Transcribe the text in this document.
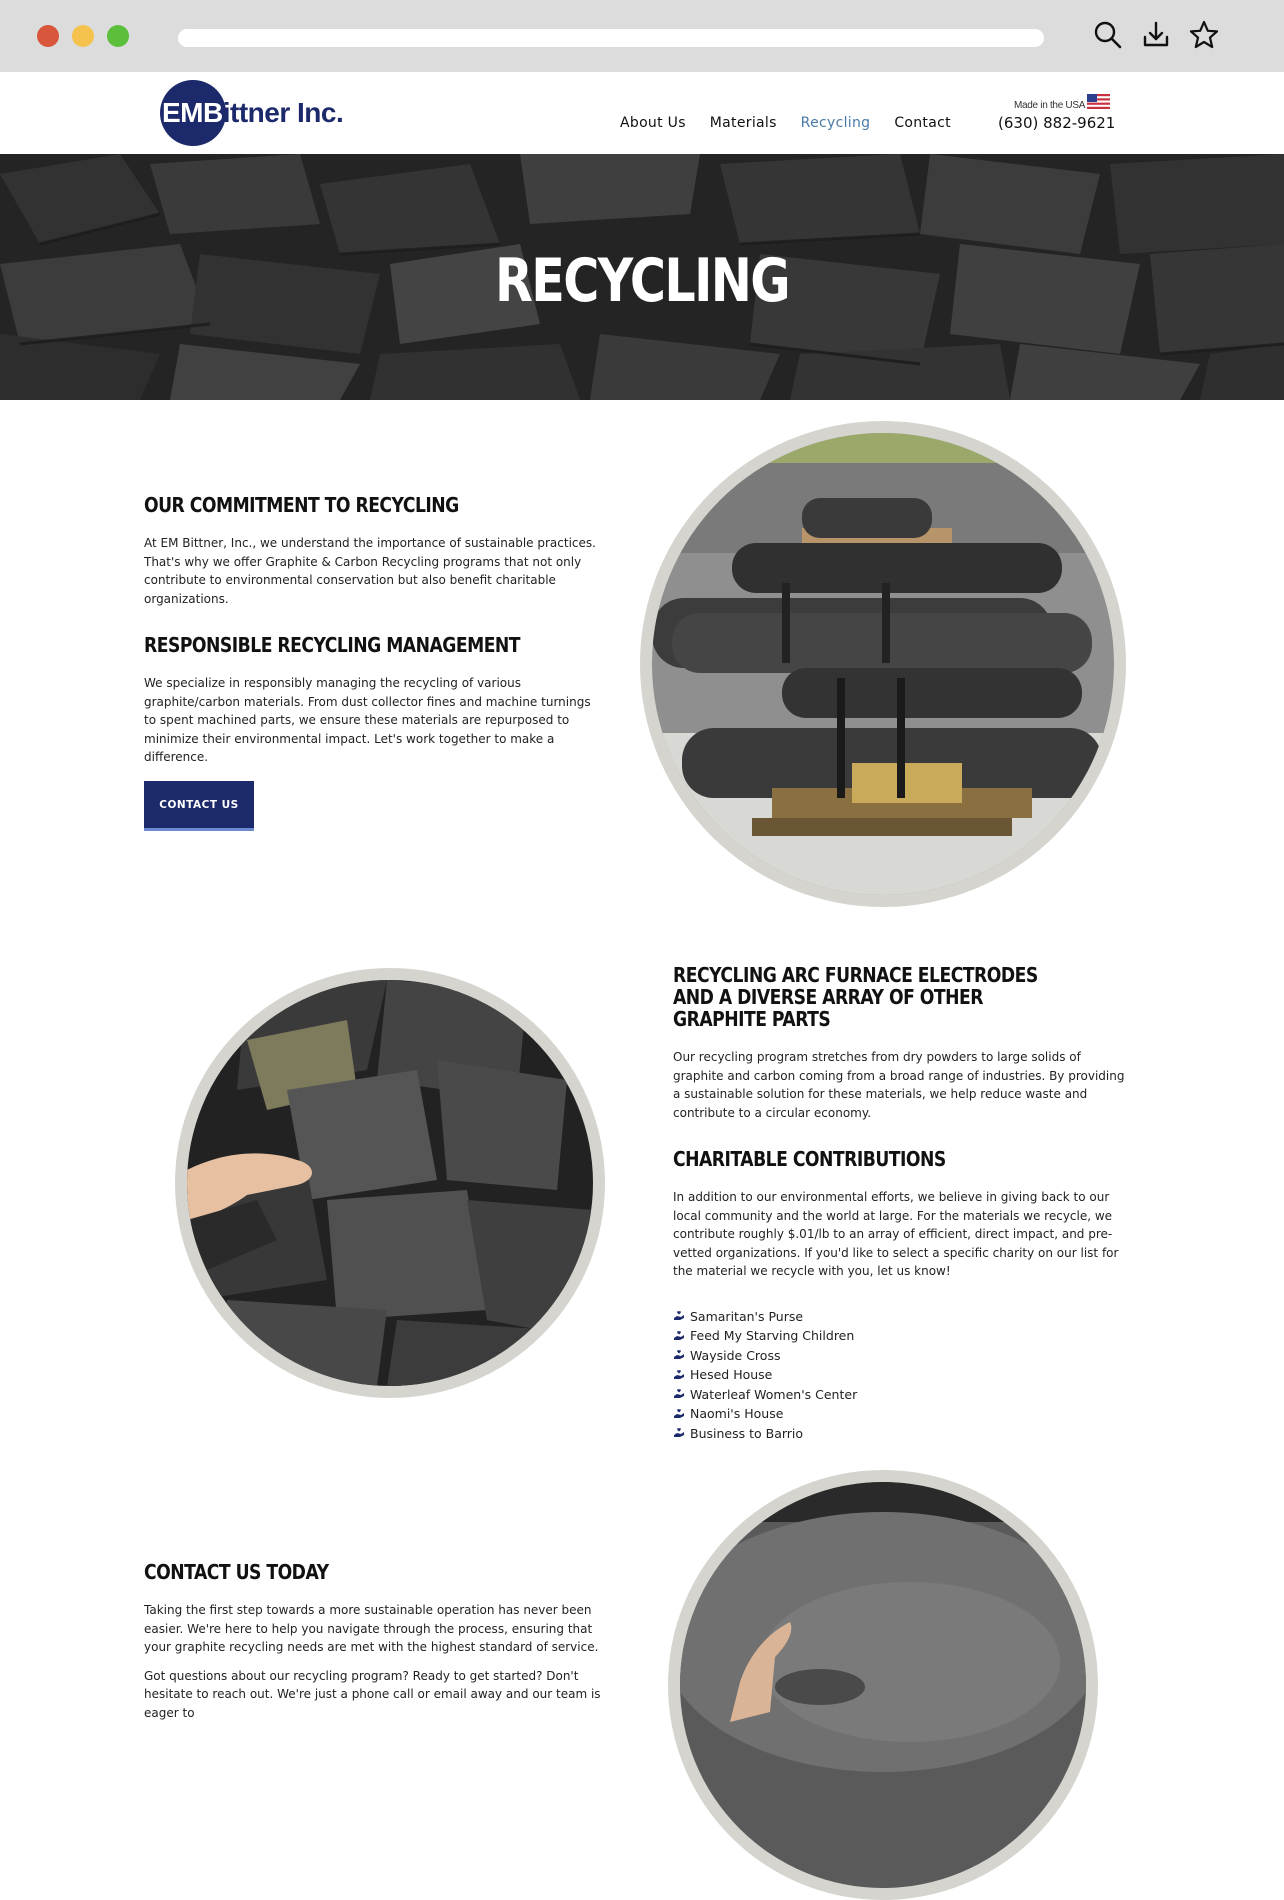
EMBittner Inc.	About Us Materials Recycling Contact
Made in the USA
(630) 882-9621
RECYCLING
OUR COMMITMENT TO RECYCLING

At EM Bittner, Inc., we understand the importance of sustainable practices. That's why we offer Graphite & Carbon Recycling programs that not only contribute to environmental conservation but also benefit charitable organizations.

RESPONSIBLE RECYCLING MANAGEMENT

We specialize in responsibly managing the recycling of various graphite/carbon materials. From dust collector fines and machine turnings to spent machined parts, we ensure these materials are repurposed to minimize their environmental impact. Let's work together to make a difference.

CONTACT US
RECYCLING ARC FURNACE ELECTRODES AND A DIVERSE ARRAY OF OTHER GRAPHITE PARTS

Our recycling program stretches from dry powders to large solids of graphite and carbon coming from a broad range of industries. By providing a sustainable solution for these materials, we help reduce waste and contribute to a circular economy.

CHARITABLE CONTRIBUTIONS

In addition to our environmental efforts, we believe in giving back to our local community and the world at large. For the materials we recycle, we contribute roughly $.01/lb to an array of efficient, direct impact, and pre-vetted organizations. If you'd like to select a specific charity on our list for the material we recycle with you, let us know!

Samaritan's Purse
Feed My Starving Children
Wayside Cross
Hesed House
Waterleaf Women's Center
Naomi's House
Business to Barrio
CONTACT US TODAY

Taking the first step towards a more sustainable operation has never been easier. We're here to help you navigate through the process, ensuring that your graphite recycling needs are met with the highest standard of service.

Got questions about our recycling program? Ready to get started? Don't hesitate to reach out. We're just a phone call or email away and our team is eager to
